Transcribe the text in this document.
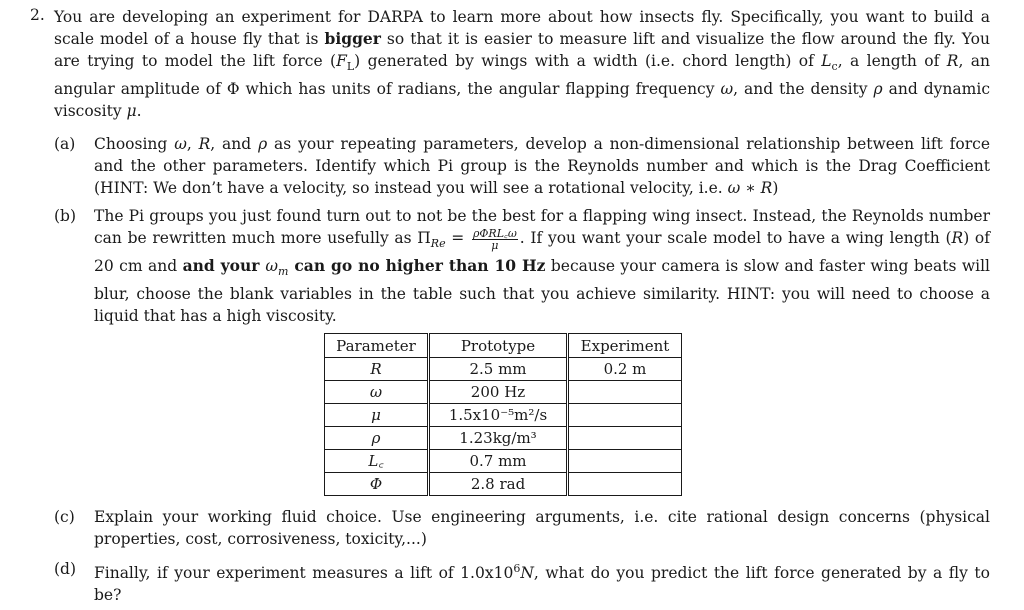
2. You are developing an experiment for DARPA to learn more about how insects fly. Specifically, you want to build a scale model of a house fly that is bigger so that it is easier to measure lift and visualize the flow around the fly. You are trying to model the lift force $(F_L)$ generated by wings with a width (i.e. chord length) of $L_c$, a length of R, an angular amplitude of Φ which has units of radians, the angular flapping frequency ω, and the density ρ and dynamic viscosity μ.
(a) Choosing ω, R, and ρ as your repeating parameters, develop a non-dimensional relationship between lift force and the other parameters. Identify which Pi group is the Reynolds number and which is the Drag Coefficient (HINT: We don’t have a velocity, so instead you will see a rotational velocity, i.e. ω ∗ R)
(b) The Pi groups you just found turn out to not be the best for a flapping wing insect. Instead, the Reynolds number can be rewritten much more usefully as $\Pi_{Re} = \frac{\text{ρΦRL꜀ω}}{\mu}$ . If you want your scale model to have a wing length (R) of 20 cm and and your $\omega_m$ can go no higher than 10 Hz because your camera is slow and faster wing beats will blur, choose the blank variables in the table such that you achieve similarity. HINT: you will need to choose a liquid that has a high viscosity.
Parameter	Prototype	Experiment
R	2.5 mm	0.2 m
ω	200 Hz	
μ	1.5x10⁻⁵m²/s	
ρ	1.23kg/m³	
L꜀	0.7 mm	
Φ	2.8 rad	
(c) Explain your working fluid choice. Use engineering arguments, i.e. cite rational design concerns (physical properties, cost, corrosiveness, toxicity,...)
(d) Finally, if your experiment measures a lift of $1.0x10^6N$, what do you predict the lift force generated by a fly to be?
